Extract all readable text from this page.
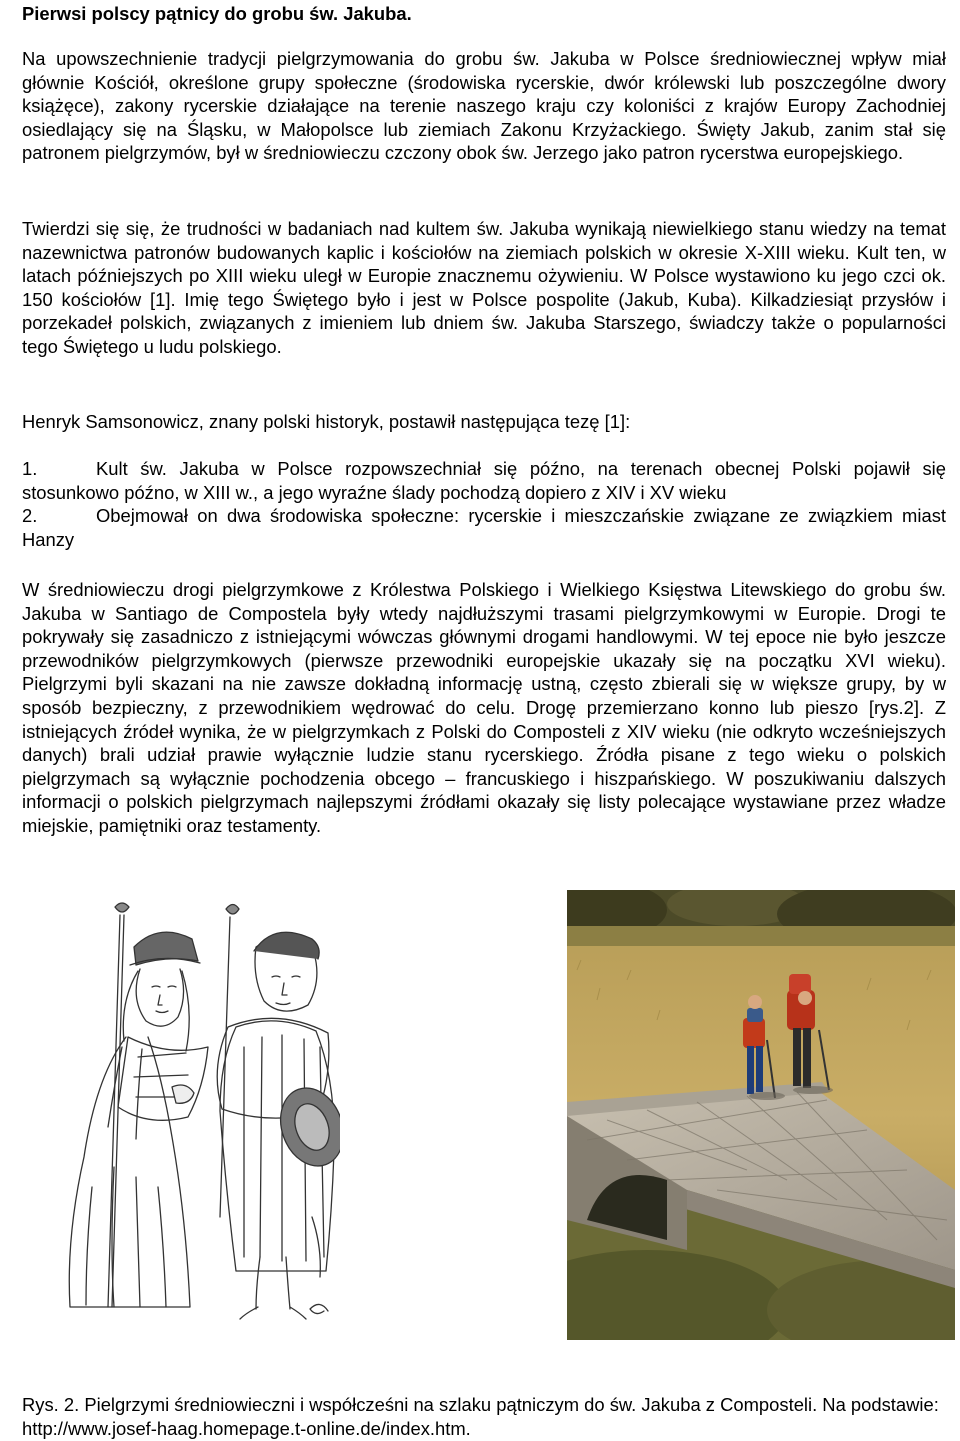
Pierwsi polscy pątnicy do grobu św. Jakuba.

Na upowszechnienie tradycji pielgrzymowania do grobu św. Jakuba w Polsce średniowiecznej wpływ miał głównie Kościół, określone grupy społeczne (środowiska rycerskie, dwór królewski lub poszczególne dwory książęce), zakony rycerskie działające na terenie naszego kraju czy koloniści z krajów Europy Zachodniej osiedlający się na Śląsku, w Małopolsce lub ziemiach Zakonu Krzyżackiego. Święty Jakub, zanim stał się patronem pielgrzymów, był w średniowieczu czczony obok św. Jerzego jako patron rycerstwa europejskiego.

Twierdzi się się, że trudności w badaniach nad kultem św. Jakuba wynikają niewielkiego stanu wiedzy na temat nazewnictwa patronów budowanych kaplic i kościołów na ziemiach polskich w okresie X-XIII wieku. Kult ten, w latach późniejszych po XIII wieku uległ w Europie znacznemu ożywieniu. W Polsce wystawiono ku jego czci ok. 150 kościołów [1]. Imię tego Świętego było i jest w Polsce pospolite (Jakub, Kuba). Kilkadziesiąt przysłów i porzekadeł polskich, związanych z imieniem lub dniem św. Jakuba Starszego, świadczy także o popularności tego Świętego u ludu polskiego.

Henryk Samsonowicz, znany polski historyk, postawił następująca tezę [1]:

1.	Kult św. Jakuba w Polsce rozpowszechniał się późno, na terenach obecnej Polski pojawił się stosunkowo późno, w XIII w., a jego wyraźne ślady pochodzą dopiero z XIV i XV wieku
2.	Obejmował on dwa środowiska społeczne: rycerskie i mieszczańskie związane ze związkiem miast Hanzy

W średniowieczu drogi pielgrzymkowe z Królestwa Polskiego i Wielkiego Księstwa Litewskiego do grobu św. Jakuba w Santiago de Compostela były wtedy najdłuższymi trasami pielgrzymkowymi w Europie. Drogi te pokrywały się zasadniczo z istniejącymi wówczas głównymi drogami handlowymi. W tej epoce nie było jeszcze przewodników pielgrzymkowych (pierwsze przewodniki europejskie ukazały się na początku XVI wieku). Pielgrzymi byli skazani na nie zawsze dokładną informację ustną, często zbierali się w większe grupy, by w sposób bezpieczny, z przewodnikiem wędrować do celu. Drogę przemierzano konno lub pieszo [rys.2]. Z istniejących źródeł wynika, że w pielgrzymkach z Polski do Composteli z XIV wieku (nie odkryto wcześniejszych danych) brali udział prawie wyłącznie ludzie stanu rycerskiego. Źródła pisane z tego wieku o polskich pielgrzymach są wyłącznie pochodzenia obcego – francuskiego i hiszpańskiego. W poszukiwaniu dalszych informacji o polskich pielgrzymach najlepszymi źródłami okazały się listy polecające wystawiane przez władze miejskie, pamiętniki oraz testamenty.

Rys. 2. Pielgrzymi średniowieczni i współcześni na szlaku pątniczym do św. Jakuba z Composteli. Na podstawie: http://www.josef-haag.homepage.t-online.de/index.htm.
